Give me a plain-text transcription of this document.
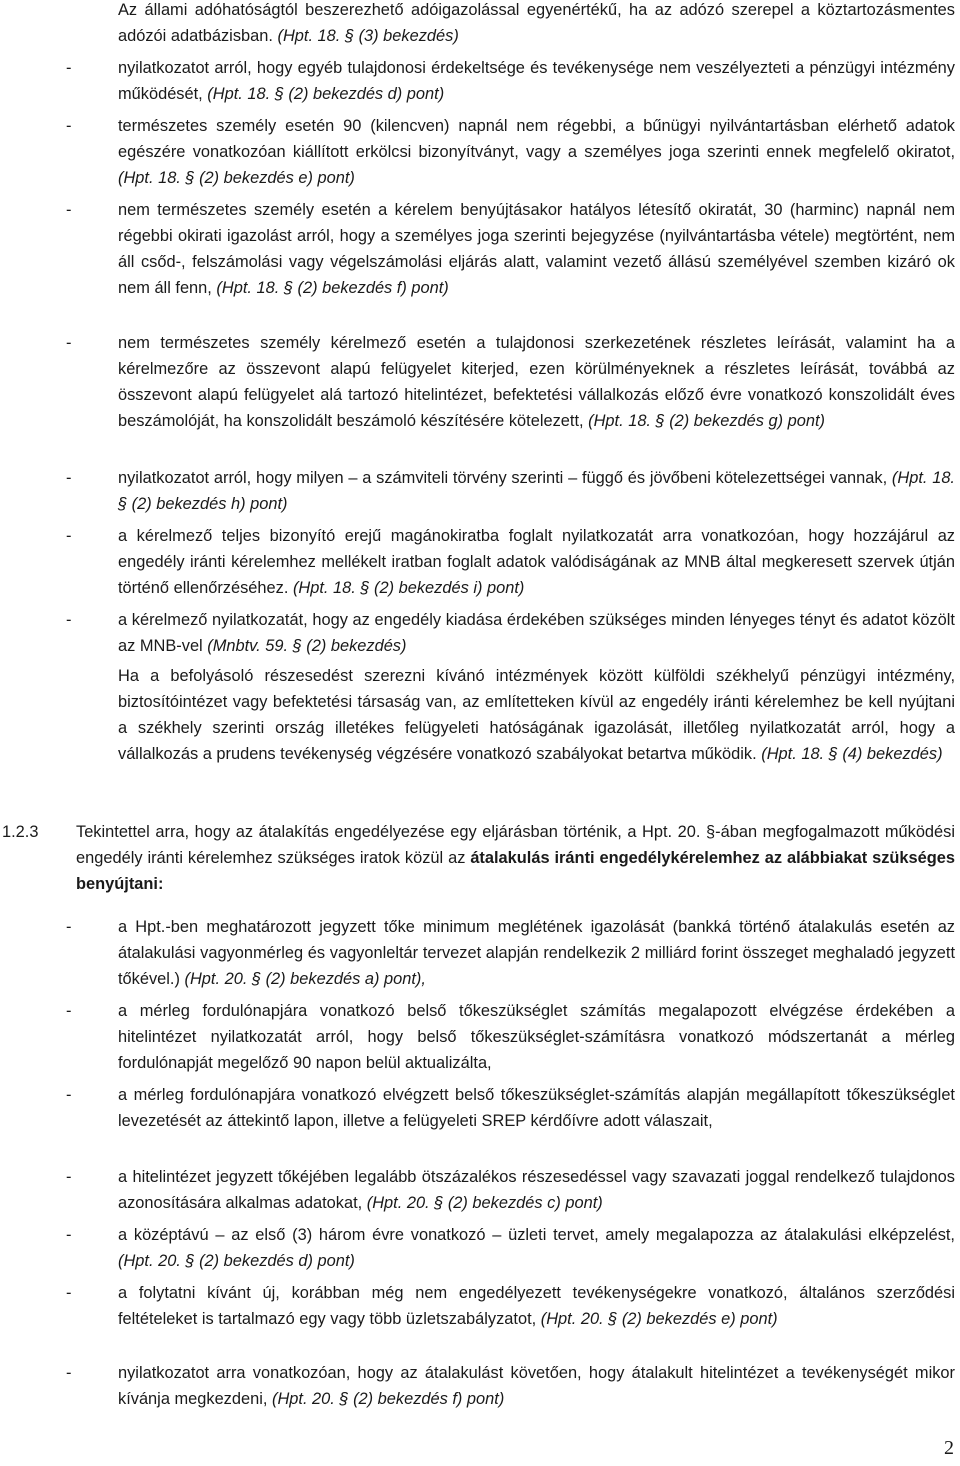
Az állami adóhatóságtól beszerezhető adóigazolással egyenértékű, ha az adózó szerepel a köztartozásmentes adózói adatbázisban. (Hpt. 18. § (3) bekezdés)

-	nyilatkozatot arról, hogy egyéb tulajdonosi érdekeltsége és tevékenysége nem veszélyezteti a pénzügyi intézmény működését, (Hpt. 18. § (2) bekezdés d) pont)

-	természetes személy esetén 90 (kilencven) napnál nem régebbi, a bűnügyi nyilvántartásban elérhető adatok egészére vonatkozóan kiállított erkölcsi bizonyítványt, vagy a személyes joga szerinti ennek megfelelő okiratot, (Hpt. 18. § (2) bekezdés e) pont)

-	nem természetes személy esetén a kérelem benyújtásakor hatályos létesítő okiratát, 30 (harminc) napnál nem régebbi okirati igazolást arról, hogy a személyes joga szerinti bejegyzése (nyilvántartásba vétele) megtörtént, nem áll csőd-, felszámolási vagy végelszámolási eljárás alatt, valamint vezető állású személyével szemben kizáró ok nem áll fenn, (Hpt. 18. § (2) bekezdés f) pont)

-	nem természetes személy kérelmező esetén a tulajdonosi szerkezetének részletes leírását, valamint ha a kérelmezőre az összevont alapú felügyelet kiterjed, ezen körülményeknek a részletes leírását, továbbá az összevont alapú felügyelet alá tartozó hitelintézet, befektetési vállalkozás előző évre vonatkozó konszolidált éves beszámolóját, ha konszolidált beszámoló készítésére kötelezett, (Hpt. 18. § (2) bekezdés g) pont)

-	nyilatkozatot arról, hogy milyen – a számviteli törvény szerinti – függő és jövőbeni kötelezettségei vannak, (Hpt. 18. § (2) bekezdés h) pont)

-	a kérelmező teljes bizonyító erejű magánokiratba foglalt nyilatkozatát arra vonatkozóan, hogy hozzájárul az engedély iránti kérelemhez mellékelt iratban foglalt adatok valódiságának az MNB által megkeresett szervek útján történő ellenőrzéséhez. (Hpt. 18. § (2) bekezdés i) pont)

-	a kérelmező nyilatkozatát, hogy az engedély kiadása érdekében szükséges minden lényeges tényt és adatot közölt az MNB-vel (Mnbtv. 59. § (2) bekezdés)

Ha a befolyásoló részesedést szerezni kívánó intézmények között külföldi székhelyű pénzügyi intézmény, biztosítóintézet vagy befektetési társaság van, az említetteken kívül az engedély iránti kérelemhez be kell nyújtani a székhely szerinti ország illetékes felügyeleti hatóságának igazolását, illetőleg nyilatkozatát arról, hogy a vállalkozás a prudens tevékenység végzésére vonatkozó szabályokat betartva működik. (Hpt. 18. § (4) bekezdés)

1.2.3 Tekintettel arra, hogy az átalakítás engedélyezése egy eljárásban történik, a Hpt. 20. §-ában megfogalmazott működési engedély iránti kérelemhez szükséges iratok közül az átalakulás iránti engedélykérelemhez az alábbiakat szükséges benyújtani:

-	a Hpt.-ben meghatározott jegyzett tőke minimum meglétének igazolását (bankká történő átalakulás esetén az átalakulási vagyonmérleg és vagyonleltár tervezet alapján rendelkezik 2 milliárd forint összeget meghaladó jegyzett tőkével.) (Hpt. 20. § (2) bekezdés a) pont),

-	a mérleg fordulónapjára vonatkozó belső tőkeszükséglet számítás megalapozott elvégzése érdekében a hitelintézet nyilatkozatát arról, hogy belső tőkeszükséglet-számításra vonatkozó módszertanát a mérleg fordulónapját megelőző 90 napon belül aktualizálta,

-	a mérleg fordulónapjára vonatkozó elvégzett belső tőkeszükséglet-számítás alapján megállapított tőkeszükséglet levezetését az áttekintő lapon, illetve a felügyeleti SREP kérdőívre adott válaszait,

-	a hitelintézet jegyzett tőkéjében legalább ötszázalékos részesedéssel vagy szavazati joggal rendelkező tulajdonos azonosítására alkalmas adatokat, (Hpt. 20. § (2) bekezdés c) pont)

-	a középtávú – az első (3) három évre vonatkozó – üzleti tervet, amely megalapozza az átalakulási elképzelést, (Hpt. 20. § (2) bekezdés d) pont)

-	a folytatni kívánt új, korábban még nem engedélyezett tevékenységekre vonatkozó, általános szerződési feltételeket is tartalmazó egy vagy több üzletszabályzatot, (Hpt. 20. § (2) bekezdés e) pont)

-	nyilatkozatot arra vonatkozóan, hogy az átalakulást követően, hogy átalakult hitelintézet a tevékenységét mikor kívánja megkezdeni, (Hpt. 20. § (2) bekezdés f) pont)

2
